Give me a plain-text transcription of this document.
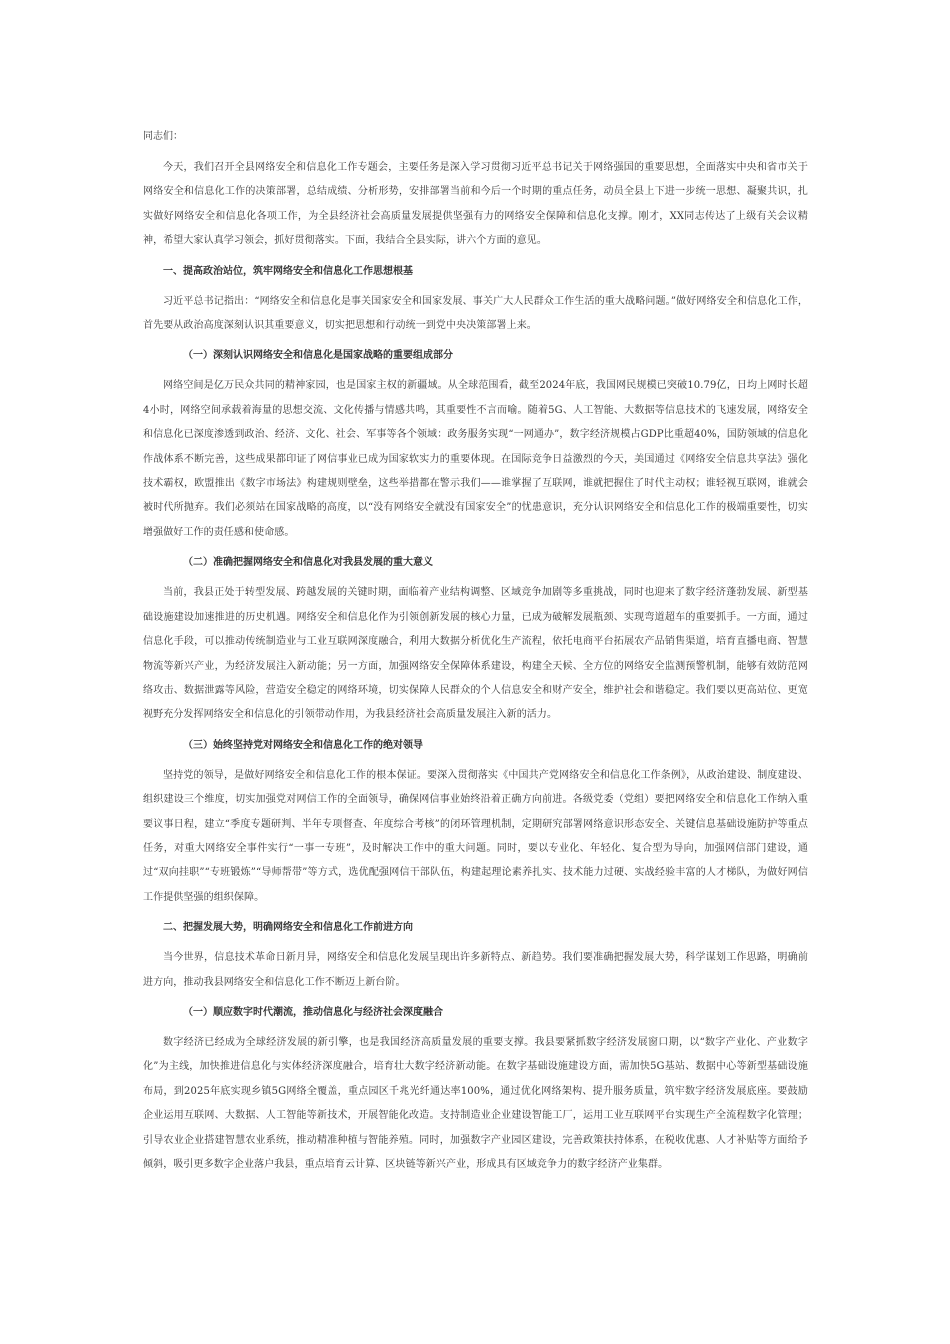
同志们：

今天，我们召开全县网络安全和信息化工作专题会，主要任务是深入学习贯彻习近平总书记关于网络强国的重要思想，全面落实中央和省市关于网络安全和信息化工作的决策部署，总结成绩、分析形势，安排部署当前和今后一个时期的重点任务，动员全县上下进一步统一思想、凝聚共识，扎实做好网络安全和信息化各项工作，为全县经济社会高质量发展提供坚强有力的网络安全保障和信息化支撑。刚才，XX同志传达了上级有关会议精神，希望大家认真学习领会，抓好贯彻落实。下面，我结合全县实际，讲六个方面的意见。

一、提高政治站位，筑牢网络安全和信息化工作思想根基

习近平总书记指出：“网络安全和信息化是事关国家安全和国家发展、事关广大人民群众工作生活的重大战略问题。”做好网络安全和信息化工作，首先要从政治高度深刻认识其重要意义，切实把思想和行动统一到党中央决策部署上来。

（一）深刻认识网络安全和信息化是国家战略的重要组成部分

网络空间是亿万民众共同的精神家园，也是国家主权的新疆域。从全球范围看，截至2024年底，我国网民规模已突破10.79亿，日均上网时长超4小时，网络空间承载着海量的思想交流、文化传播与情感共鸣，其重要性不言而喻。随着5G、人工智能、大数据等信息技术的飞速发展，网络安全和信息化已深度渗透到政治、经济、文化、社会、军事等各个领域：政务服务实现“一网通办”，数字经济规模占GDP比重超40%，国防领域的信息化作战体系不断完善，这些成果都印证了网信事业已成为国家软实力的重要体现。在国际竞争日益激烈的今天，美国通过《网络安全信息共享法》强化技术霸权，欧盟推出《数字市场法》构建规则壁垒，这些举措都在警示我们——谁掌握了互联网，谁就把握住了时代主动权；谁轻视互联网，谁就会被时代所抛弃。我们必须站在国家战略的高度，以“没有网络安全就没有国家安全”的忧患意识，充分认识网络安全和信息化工作的极端重要性，切实增强做好工作的责任感和使命感。

（二）准确把握网络安全和信息化对我县发展的重大意义

当前，我县正处于转型发展、跨越发展的关键时期，面临着产业结构调整、区域竞争加剧等多重挑战，同时也迎来了数字经济蓬勃发展、新型基础设施建设加速推进的历史机遇。网络安全和信息化作为引领创新发展的核心力量，已成为破解发展瓶颈、实现弯道超车的重要抓手。一方面，通过信息化手段，可以推动传统制造业与工业互联网深度融合，利用大数据分析优化生产流程，依托电商平台拓展农产品销售渠道，培育直播电商、智慧物流等新兴产业，为经济发展注入新动能；另一方面，加强网络安全保障体系建设，构建全天候、全方位的网络安全监测预警机制，能够有效防范网络攻击、数据泄露等风险，营造安全稳定的网络环境，切实保障人民群众的个人信息安全和财产安全，维护社会和谐稳定。我们要以更高站位、更宽视野充分发挥网络安全和信息化的引领带动作用，为我县经济社会高质量发展注入新的活力。

（三）始终坚持党对网络安全和信息化工作的绝对领导

坚持党的领导，是做好网络安全和信息化工作的根本保证。要深入贯彻落实《中国共产党网络安全和信息化工作条例》，从政治建设、制度建设、组织建设三个维度，切实加强党对网信工作的全面领导，确保网信事业始终沿着正确方向前进。各级党委（党组）要把网络安全和信息化工作纳入重要议事日程，建立“季度专题研判、半年专项督查、年度综合考核”的闭环管理机制，定期研究部署网络意识形态安全、关键信息基础设施防护等重点任务，对重大网络安全事件实行“一事一专班”，及时解决工作中的重大问题。同时，要以专业化、年轻化、复合型为导向，加强网信部门建设，通过“双向挂职”“专班锻炼”“导师帮带”等方式，选优配强网信干部队伍，构建起理论素养扎实、技术能力过硬、实战经验丰富的人才梯队，为做好网信工作提供坚强的组织保障。

二、把握发展大势，明确网络安全和信息化工作前进方向

当今世界，信息技术革命日新月异，网络安全和信息化发展呈现出许多新特点、新趋势。我们要准确把握发展大势，科学谋划工作思路，明确前进方向，推动我县网络安全和信息化工作不断迈上新台阶。

（一）顺应数字时代潮流，推动信息化与经济社会深度融合

数字经济已经成为全球经济发展的新引擎，也是我国经济高质量发展的重要支撑。我县要紧抓数字经济发展窗口期，以“数字产业化、产业数字化”为主线，加快推进信息化与实体经济深度融合，培育壮大数字经济新动能。在数字基础设施建设方面，需加快5G基站、数据中心等新型基础设施布局，到2025年底实现乡镇5G网络全覆盖，重点园区千兆光纤通达率100%，通过优化网络架构、提升服务质量，筑牢数字经济发展底座。要鼓励企业运用互联网、大数据、人工智能等新技术，开展智能化改造。支持制造业企业建设智能工厂，运用工业互联网平台实现生产全流程数字化管理；引导农业企业搭建智慧农业系统，推动精准种植与智能养殖。同时，加强数字产业园区建设，完善政策扶持体系，在税收优惠、人才补贴等方面给予倾斜，吸引更多数字企业落户我县，重点培育云计算、区块链等新兴产业，形成具有区域竞争力的数字经济产业集群。
